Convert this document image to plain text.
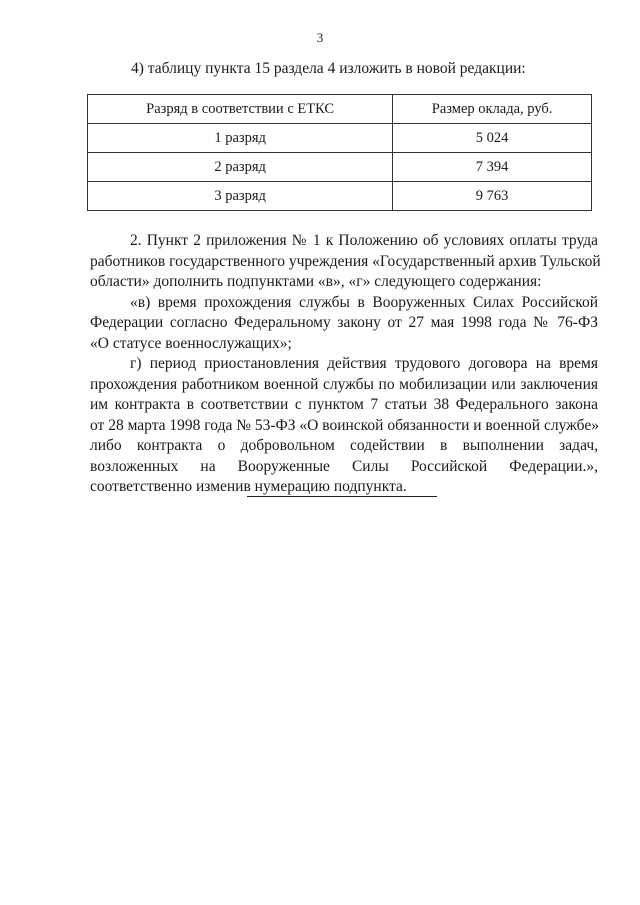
3
4) таблицу пункта 15 раздела 4 изложить в новой редакции:
Разряд в соответствии с ЕТКС	Размер оклада, руб.
1 разряд	5 024
2 разряд	7 394
3 разряд	9 763
2. Пункт 2 приложения № 1 к Положению об условиях оплаты труда
работников государственного учреждения «Государственный архив Тульской
области» дополнить подпунктами «в», «г» следующего содержания:
«в) время прохождения службы в Вооруженных Силах Российской
Федерации согласно Федеральному закону от 27 мая 1998 года № 76-ФЗ
«О статусе военнослужащих»;
г) период приостановления действия трудового договора на время
прохождения работником военной службы по мобилизации или заключения
им контракта в соответствии с пунктом 7 статьи 38 Федерального закона
от 28 марта 1998 года № 53-ФЗ «О воинской обязанности и военной службе»
либо контракта о добровольном содействии в выполнении задач,
возложенных на Вооруженные Силы Российской Федерации.»,
соответственно изменив нумерацию подпункта.
